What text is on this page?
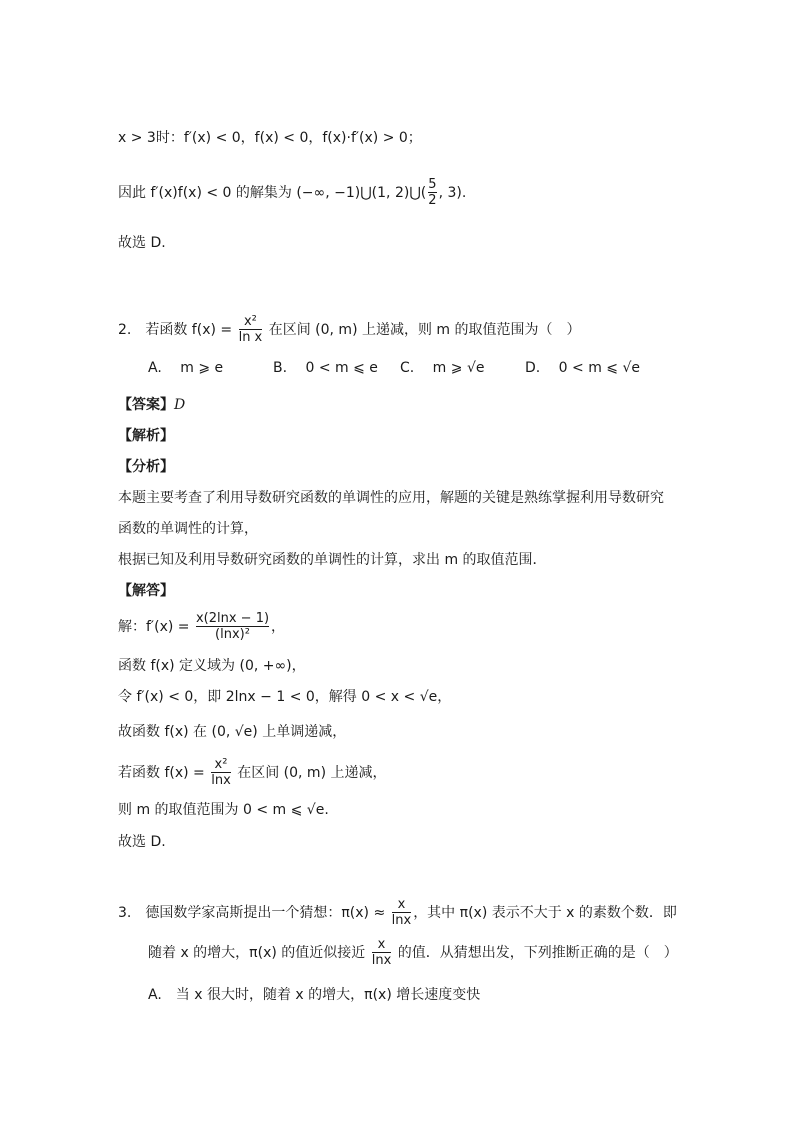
x > 3时：f′(x) < 0，f(x) < 0，f(x)·f′(x) > 0；
因此 f′(x)f(x) < 0 的解集为 (−∞, −1)⋃(1, 2)⋃( $\frac{5}{2}$ , 3).
故选 D.
2.　若函数 $f(x) = \frac{\text{x²}}{\text{ln x}}$ 在区间 (0, m) 上递减，则 m 的取值范围为（　）
A.　 m ⩾ e	B.　 0 < m ⩽ e C.　 m ⩾ √e	D.　 0 < m ⩽ √e
【答案】D
【解析】
【分析】
本题主要考查了利用导数研究函数的单调性的应用，解题的关键是熟练掌握利用导数研究
函数的单调性的计算，
根据已知及利用导数研究函数的单调性的计算，求出 m 的取值范围．
【解答】
解：$f'(x) = \frac{x(2\ln x - 1)}{\text{(lnx)²}}$ ，
函数 f(x) 定义域为 (0, +∞)，
令 f′(x) < 0，即 2lnx − 1 < 0，解得 0 < x < √e，
故函数 f(x) 在 (0, √e) 上单调递减，
若函数 $f(x) = \frac{\text{x²}}{\ln x}$ 在区间 (0, m) 上递减，
则 m 的取值范围为 0 < m ⩽ √e.
故选 D.
3.　德国数学家高斯提出一个猜想：$\pi(x) \approx \frac{x}{\ln x}$ ，其中 π(x) 表示不大于 x 的素数个数．即
随着 x 的增大，π(x) 的值近似接近 $\frac{x}{\ln x}$ 的值．从猜想出发，下列推断正确的是（　）
A.　当 x 很大时，随着 x 的增大，π(x) 增长速度变快
